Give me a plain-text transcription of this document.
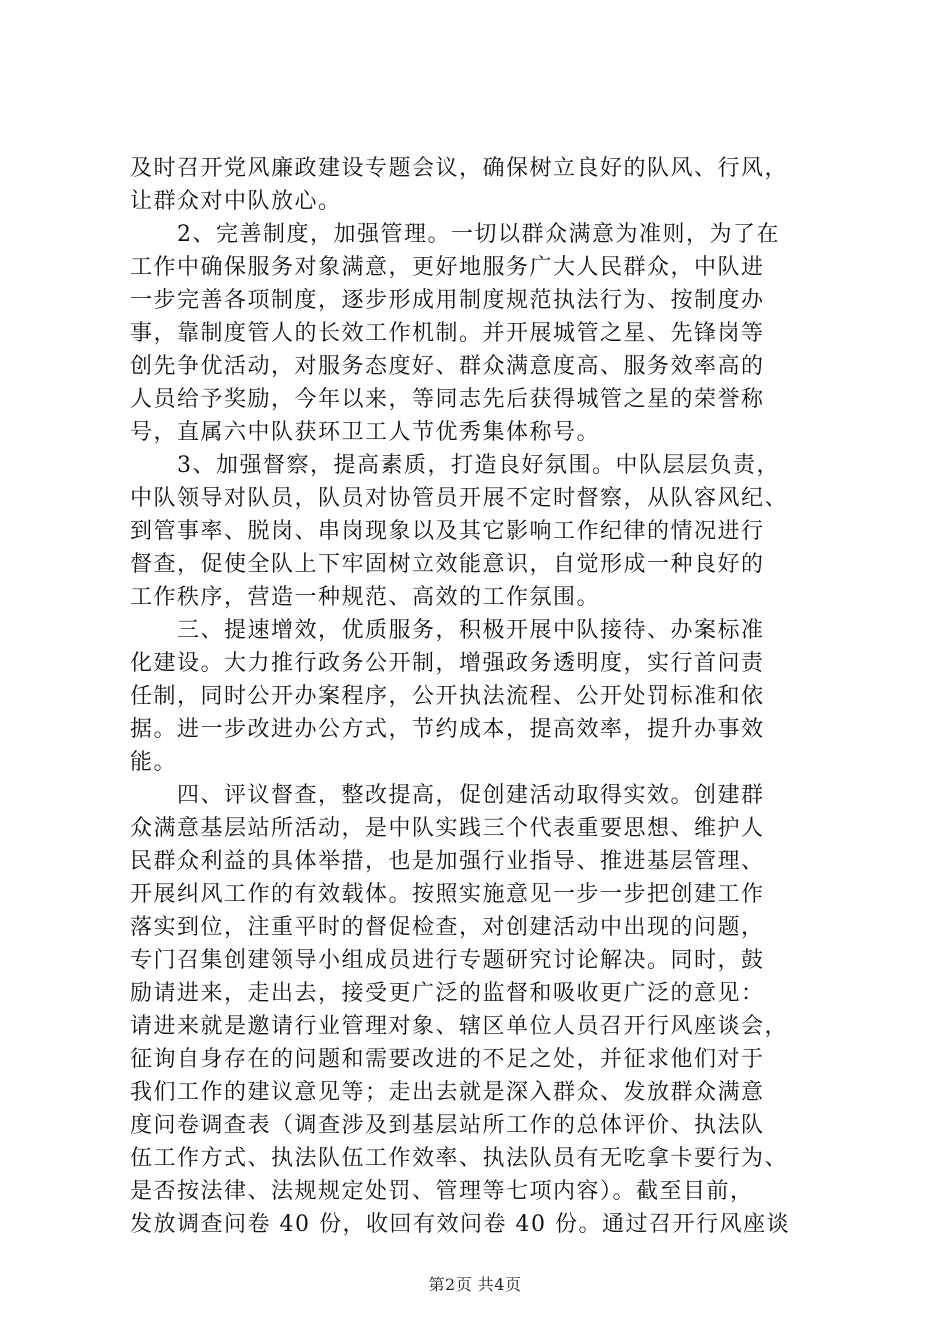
及时召开党风廉政建设专题会议，确保树立良好的队风、行风，
让群众对中队放心。
　　2、完善制度，加强管理。一切以群众满意为准则，为了在
工作中确保服务对象满意，更好地服务广大人民群众，中队进
一步完善各项制度，逐步形成用制度规范执法行为、按制度办
事，靠制度管人的长效工作机制。并开展城管之星、先锋岗等
创先争优活动，对服务态度好、群众满意度高、服务效率高的
人员给予奖励，今年以来，等同志先后获得城管之星的荣誉称
号，直属六中队获环卫工人节优秀集体称号。
　　3、加强督察，提高素质，打造良好氛围。中队层层负责，
中队领导对队员，队员对协管员开展不定时督察，从队容风纪、
到管事率、脱岗、串岗现象以及其它影响工作纪律的情况进行
督查，促使全队上下牢固树立效能意识，自觉形成一种良好的
工作秩序，营造一种规范、高效的工作氛围。
　　三、提速增效，优质服务，积极开展中队接待、办案标准
化建设。大力推行政务公开制，增强政务透明度，实行首问责
任制，同时公开办案程序，公开执法流程、公开处罚标准和依
据。进一步改进办公方式，节约成本，提高效率，提升办事效
能。
　　四、评议督查，整改提高，促创建活动取得实效。创建群
众满意基层站所活动，是中队实践三个代表重要思想、维护人
民群众利益的具体举措，也是加强行业指导、推进基层管理、
开展纠风工作的有效载体。按照实施意见一步一步把创建工作
落实到位，注重平时的督促检查，对创建活动中出现的问题，
专门召集创建领导小组成员进行专题研究讨论解决。同时，鼓
励请进来，走出去，接受更广泛的监督和吸收更广泛的意见：
请进来就是邀请行业管理对象、辖区单位人员召开行风座谈会，
征询自身存在的问题和需要改进的不足之处，并征求他们对于
我们工作的建议意见等；走出去就是深入群众、发放群众满意
度问卷调查表（调查涉及到基层站所工作的总体评价、执法队
伍工作方式、执法队伍工作效率、执法队员有无吃拿卡要行为、
是否按法律、法规规定处罚、管理等七项内容）。截至目前，
发放调查问卷 40 份，收回有效问卷 40 份。通过召开行风座谈
第2页 共4页
